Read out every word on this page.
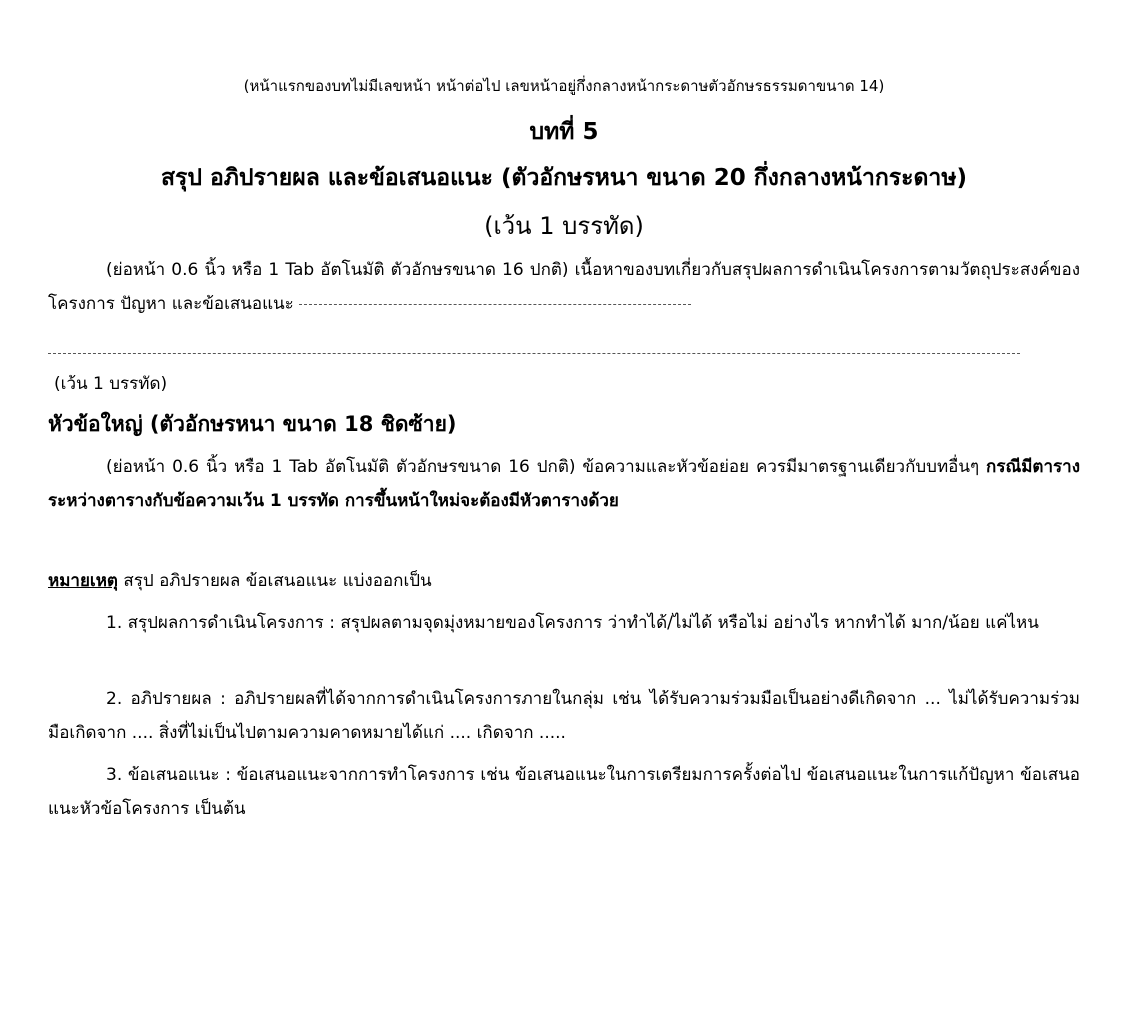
(หน้าแรกของบทไม่มีเลขหน้า หน้าต่อไป เลขหน้าอยู่กึ่งกลางหน้ากระดาษตัวอักษรธรรมดาขนาด 14)
บทที่ 5
สรุป อภิปรายผล และข้อเสนอแนะ (ตัวอักษรหนา ขนาด 20 กึ่งกลางหน้ากระดาษ)
(เว้น 1 บรรทัด)
(ย่อหน้า 0.6 นิ้ว หรือ 1 Tab อัตโนมัติ ตัวอักษรขนาด 16 ปกติ) เนื้อหาของบทเกี่ยวกับสรุปผลการดำเนินโครงการตามวัตถุประสงค์ของโครงการ ปัญหา และข้อเสนอแนะ
(เว้น 1 บรรทัด)
หัวข้อใหญ่ (ตัวอักษรหนา ขนาด 18 ชิดซ้าย)
(ย่อหน้า 0.6 นิ้ว หรือ 1 Tab อัตโนมัติ ตัวอักษรขนาด 16 ปกติ) ข้อความและหัวข้อย่อย ควรมีมาตรฐานเดียวกับบทอื่นๆ กรณีมีตาราง ระหว่างตารางกับข้อความเว้น 1 บรรทัด การขึ้นหน้าใหม่จะต้องมีหัวตารางด้วย
หมายเหตุ สรุป อภิปรายผล ข้อเสนอแนะ แบ่งออกเป็น
1. สรุปผลการดำเนินโครงการ : สรุปผลตามจุดมุ่งหมายของโครงการ ว่าทำได้/ไม่ได้ หรือไม่ อย่างไร หากทำได้ มาก/น้อย แค่ไหน
2. อภิปรายผล : อภิปรายผลที่ได้จากการดำเนินโครงการภายในกลุ่ม เช่น ได้รับความร่วมมือเป็นอย่างดีเกิดจาก ... ไม่ได้รับความร่วมมือเกิดจาก .... สิ่งที่ไม่เป็นไปตามความคาดหมายได้แก่ .... เกิดจาก .....
3. ข้อเสนอแนะ : ข้อเสนอแนะจากการทำโครงการ เช่น ข้อเสนอแนะในการเตรียมการครั้งต่อไป ข้อเสนอแนะในการแก้ปัญหา ข้อเสนอแนะหัวข้อโครงการ เป็นต้น
